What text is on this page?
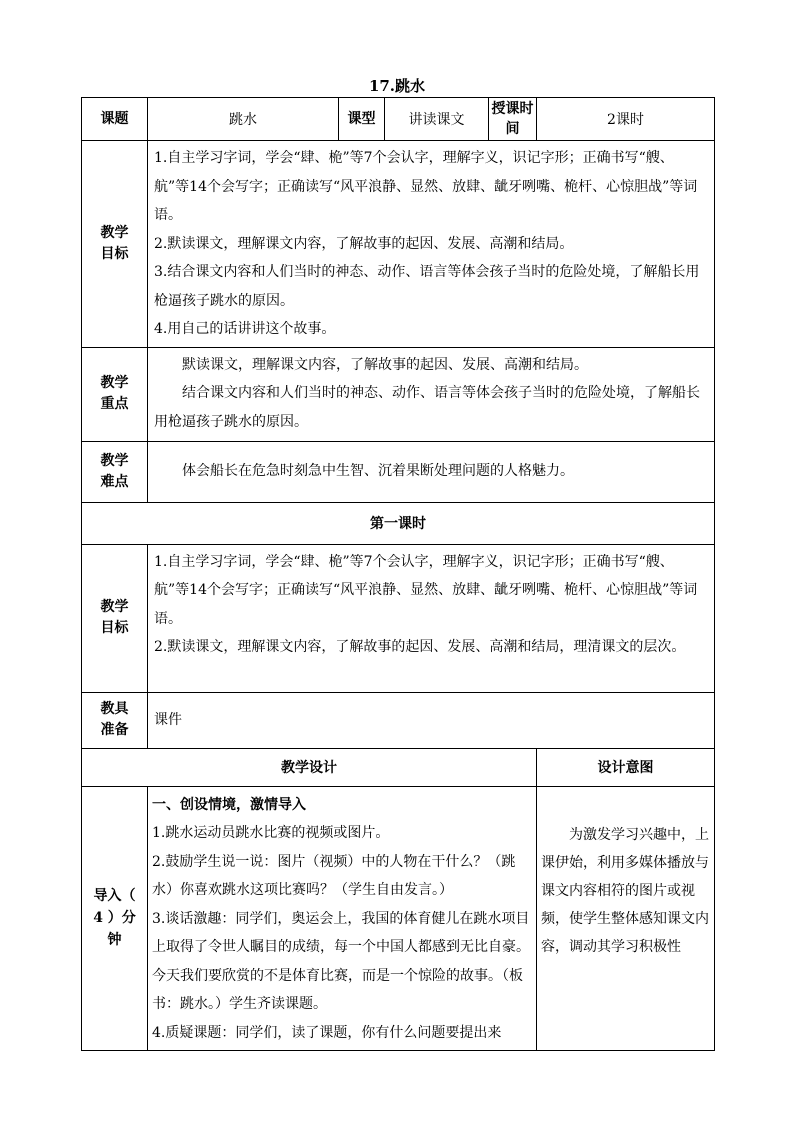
17.跳水
课题	跳水	课型	讲读课文	授课时间	2课时

教学目标	1.自主学习字词，学会“肆、桅”等7个会认字，理解字义，识记字形；正确书写“艘、航”等14个会写字；正确读写“风平浪静、显然、放肆、龇牙咧嘴、桅杆、心惊胆战”等词语。

2.默读课文，理解课文内容，了解故事的起因、发展、高潮和结局。

3.结合课文内容和人们当时的神态、动作、语言等体会孩子当时的危险处境，了解船长用枪逼孩子跳水的原因。

4.用自己的话讲讲这个故事。				

教学重点	默读课文，理解课文内容，了解故事的起因、发展、高潮和结局。

结合课文内容和人们当时的神态、动作、语言等体会孩子当时的危险处境，了解船长用枪逼孩子跳水的原因。				

教学难点	体会船长在危急时刻急中生智、沉着果断处理问题的人格魅力。				

第一课时					

教学目标	1.自主学习字词，学会“肆、桅”等7个会认字，理解字义，识记字形；正确书写“艘、航”等14个会写字；正确读写“风平浪静、显然、放肆、龇牙咧嘴、桅杆、心惊胆战”等词语。

2.默读课文，理解课文内容，了解故事的起因、发展、高潮和结局，理清课文的层次。				

教具准备	课件				
教学设计					设计意图

导入（ 4 ）分钟	一、创设情境，激情导入

1.跳水运动员跳水比赛的视频或图片。

2.鼓励学生说一说：图片（视频）中的人物在干什么？（跳水）你喜欢跳水这项比赛吗？（学生自由发言。）

3.谈话激趣：同学们，奥运会上，我国的体育健儿在跳水项目上取得了令世人瞩目的成绩，每一个中国人都感到无比自豪。今天我们要欣赏的不是体育比赛，而是一个惊险的故事。（板书：跳水。）学生齐读课题。

4.质疑课题：同学们，读了课题，你有什么问题要提出来				为激发学习兴趣中，上课伊始，利用多媒体播放与课文内容相符的图片或视频，使学生整体感知课文内容，调动其学习积极性
